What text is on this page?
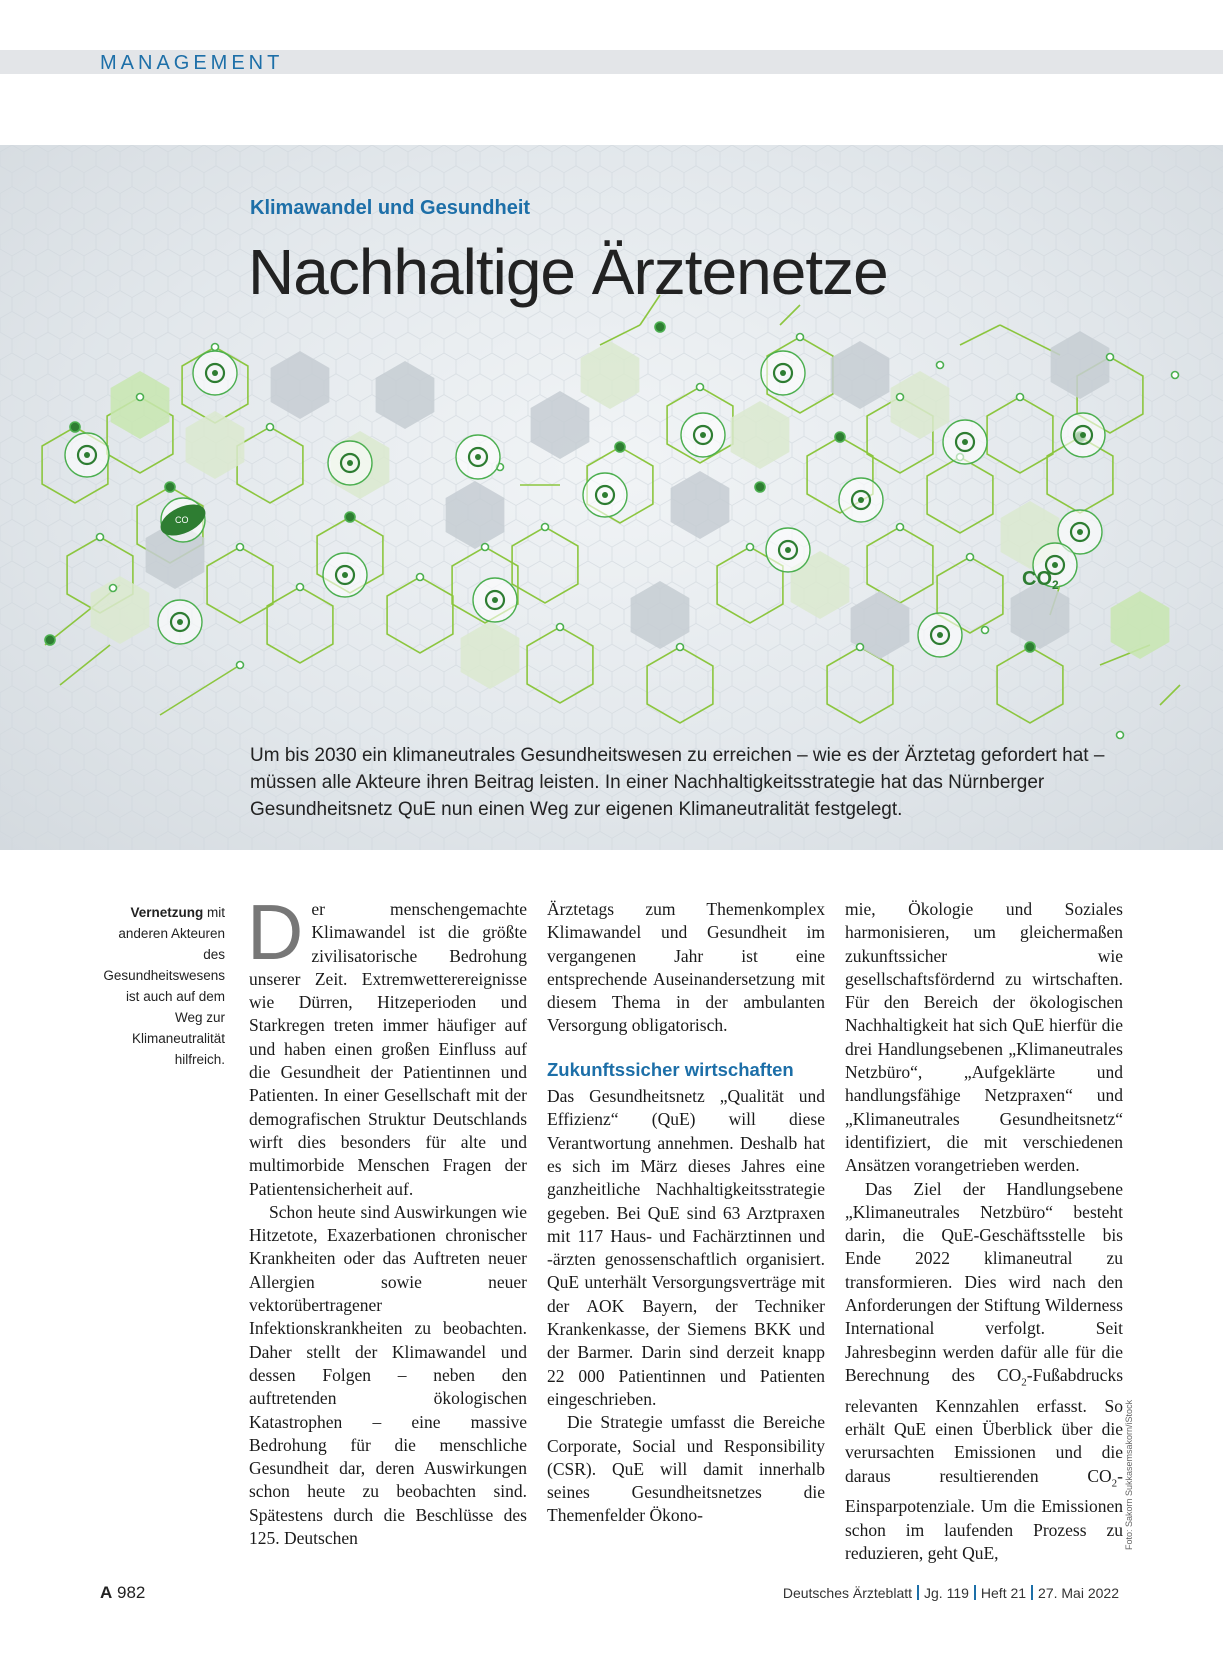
MANAGEMENT
$CO_2$
CO
Klimawandel und Gesundheit
Nachhaltige Ärztenetze
Um bis 2030 ein klimaneutrales Gesundheitswesen zu erreichen – wie es der Ärztetag gefordert hat – müssen alle Akteure ihren Beitrag leisten. In einer Nachhaltigkeitsstrategie hat das Nürnberger Gesundheitsnetz QuE nun einen Weg zur eigenen Klimaneutralität festgelegt.
Vernetzung mit anderen Akteuren des Gesundheitswesens ist auch auf dem Weg zur Klimaneutralität hilfreich.

Der menschengemachte Klimawandel ist die größte zivilisatorische Bedrohung unserer Zeit. Extremwetterereignisse wie Dürren, Hitzeperioden und Starkregen treten immer häufiger auf und haben einen großen Einfluss auf die Gesundheit der Patientinnen und Patienten. In einer Gesellschaft mit der demografischen Struktur Deutschlands wirft dies besonders für alte und multimorbide Menschen Fragen der Patientensicherheit auf.

Schon heute sind Auswirkungen wie Hitzetote, Exazerbationen chronischer Krankheiten oder das Auftreten neuer Allergien sowie neuer vektorübertragener Infektionskrankheiten zu beobachten. Daher stellt der Klimawandel und dessen Folgen – neben den auftretenden ökologischen Katastrophen – eine massive Bedrohung für die menschliche Gesundheit dar, deren Auswirkungen schon heute zu beobachten sind. Spätestens durch die Beschlüsse des 125. Deutschen

Ärztetags zum Themenkomplex Klimawandel und Gesundheit im vergangenen Jahr ist eine entsprechende Auseinandersetzung mit diesem Thema in der ambulanten Versorgung obligatorisch.

Zukunftssicher wirtschaften

Das Gesundheitsnetz „Qualität und Effizienz“ (QuE) will diese Verantwortung annehmen. Deshalb hat es sich im März dieses Jahres eine ganzheitliche Nachhaltigkeitsstrategie gegeben. Bei QuE sind 63 Arztpraxen mit 117 Haus- und Fachärztinnen und -ärzten genossenschaftlich organisiert. QuE unterhält Versorgungsverträge mit der AOK Bayern, der Techniker Krankenkasse, der Siemens BKK und der Barmer. Darin sind derzeit knapp 22 000 Patientinnen und Patienten eingeschrieben.

Die Strategie umfasst die Bereiche Corporate, Social und Responsibility (CSR). QuE will damit innerhalb seines Gesundheitsnetzes die Themenfelder Ökono-

mie, Ökologie und Soziales harmonisieren, um gleichermaßen zukunftssicher wie gesellschaftsfördernd zu wirtschaften. Für den Bereich der ökologischen Nachhaltigkeit hat sich QuE hierfür die drei Handlungsebenen „Klimaneutrales Netzbüro“, „Aufgeklärte und handlungsfähige Netzpraxen“ und „Klimaneutrales Gesundheitsnetz“ identifiziert, die mit verschiedenen Ansätzen vorangetrieben werden.

Das Ziel der Handlungsebene „Klimaneutrales Netzbüro“ besteht darin, die QuE-Geschäftsstelle bis Ende 2022 klimaneutral zu transformieren. Dies wird nach den Anforderungen der Stiftung Wilderness International verfolgt. Seit Jahresbeginn werden dafür alle für die Berechnung des $CO_2$-Fußabdrucks relevanten Kennzahlen erfasst. So erhält QuE einen Überblick über die verursachten Emissionen und die daraus resultierenden $CO_2$-Einsparpotenziale. Um die Emissionen schon im laufenden Prozess zu reduzieren, geht QuE,

Foto: Sakorn Sukkasemsakorn/iStock
A 982	Deutsches Ärzteblatt Jg. 119 Heft 21 27. Mai 2022
